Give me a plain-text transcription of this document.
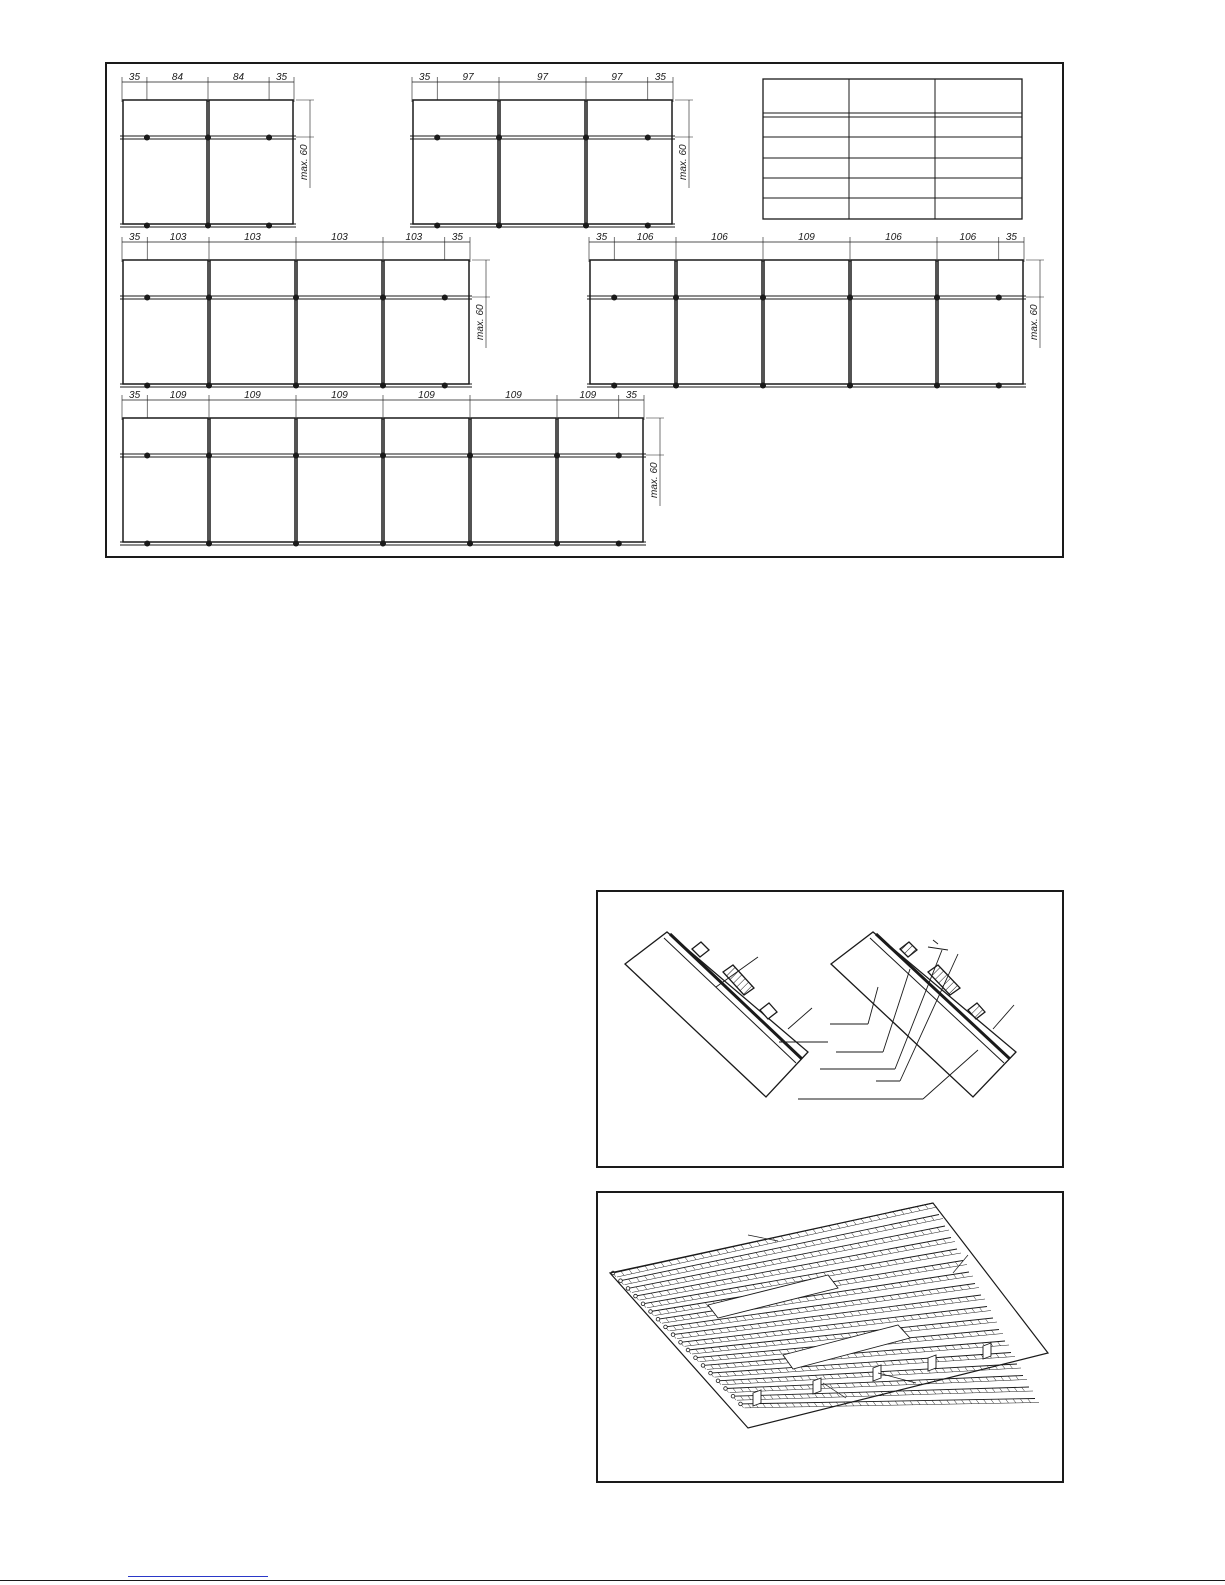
35	84	84	35
max. 60
35	97	97	97	35
max. 60
35	103	103	103	103	35
max. 60
35	106	106	109	106	106	35
max. 60
35	109	109	109	109	109	109	35
max. 60
